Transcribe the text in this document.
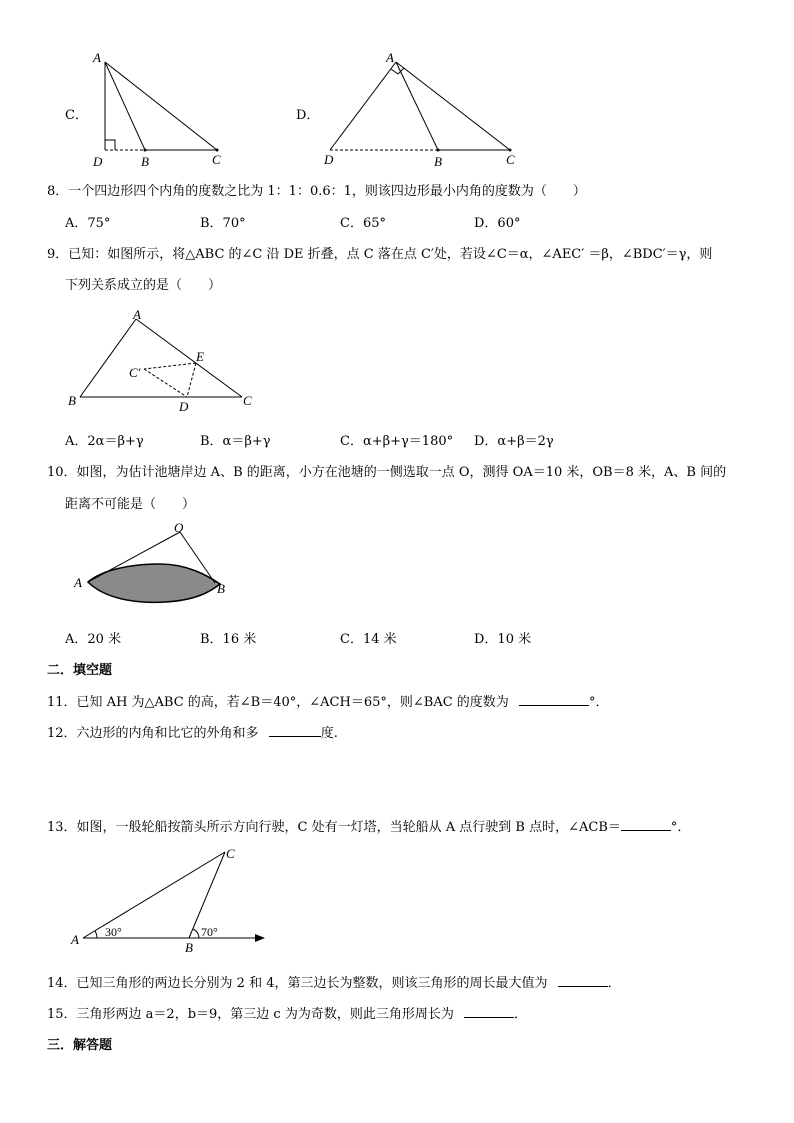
C．
A
D	B	C
D．
A
D	B	C
8．一个四边形四个内角的度数之比为 1：1：0.6：1，则该四边形最小内角的度数为（　　）
A．75°	B．70°	C．65°	D．60°
9．已知：如图所示，将△ABC 的∠C 沿 DE 折叠，点 C 落在点 C′处，若设∠C＝α，∠AEC′ ＝β，∠BDC′＝γ，则
下列关系成立的是（　　）
A
B	C
E
D
C′
A．2α＝β+γ	B．α＝β+γ	C．α+β+γ＝180° D．α+β＝2γ
10．如图，为估计池塘岸边 A、B 的距离，小方在池塘的一侧选取一点 O，测得 OA＝10 米，OB＝8 米，A、B 间的
距离不可能是（　　）
O
A	B
A．20 米	B．16 米	C．14 米	D．10 米
二．填空题
11．已知 AH 为△ABC 的高，若∠B＝40°，∠ACH＝65°，则∠BAC 的度数为	°．
12．六边形的内角和比它的外角和多	度.
13．如图，一般轮船按箭头所示方向行驶，C 处有一灯塔，当轮船从 A 点行驶到 B 点时，∠ACB＝	°．
C
A
B
30°	70°
14．已知三角形的两边长分别为 2 和 4，第三边长为整数，则该三角形的周长最大值为	．
15．三角形两边 a＝2，b＝9，第三边 c 为为奇数，则此三角形周长为	．
三．解答题
